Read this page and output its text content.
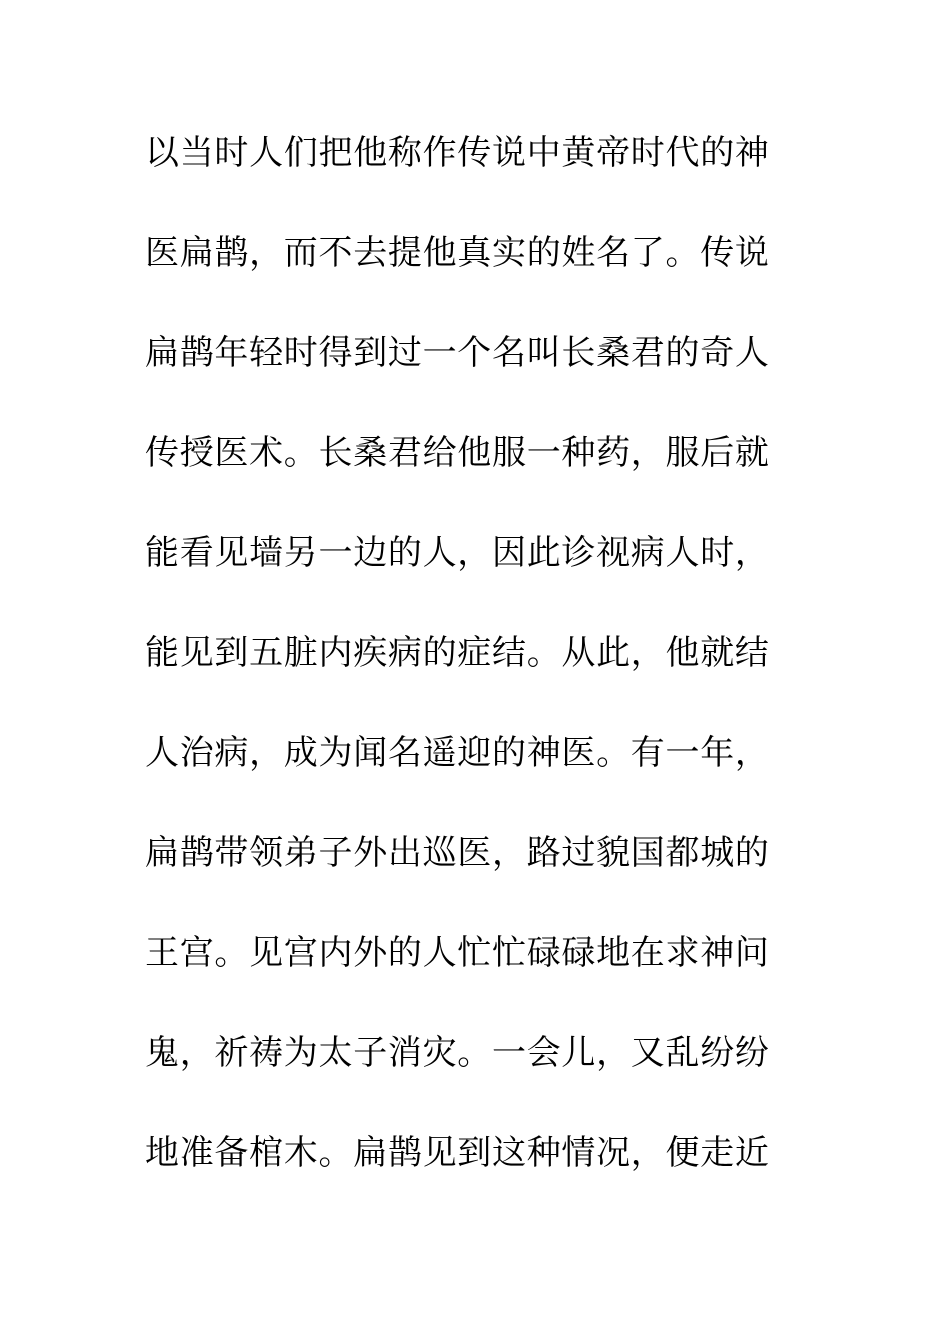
以当时人们把他称作传说中黄帝时代的神
医扁鹊，而不去提他真实的姓名了。传说
扁鹊年轻时得到过一个名叫长桑君的奇人
传授医术。长桑君给他服一种药，服后就
能看见墙另一边的人，因此诊视病人时，
能见到五脏内疾病的症结。从此，他就结
人治病，成为闻名遥迎的神医。有一年，
扁鹊带领弟子外出巡医，路过貌国都城的
王宫。见宫内外的人忙忙碌碌地在求神问
鬼，祈祷为太子消灾。一会儿，又乱纷纷
地准备棺木。扁鹊见到这种情况，便走近
